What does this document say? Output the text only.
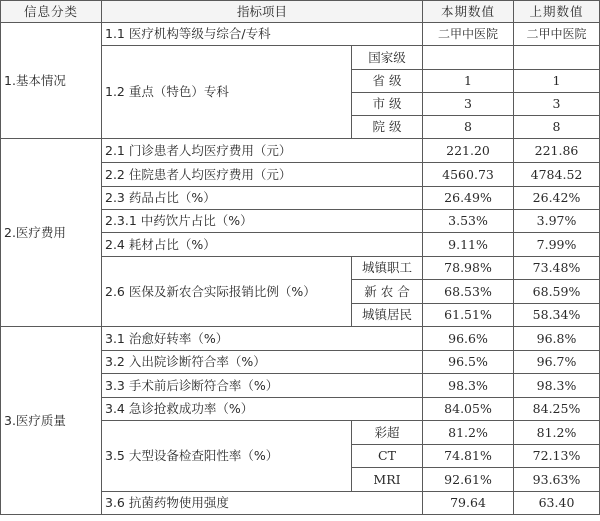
信息分类	指标项目		本期数值	上期数值
1.基本情况	1.1 医疗机构等级与综合/专科		二甲中医院	二甲中医院
	1.2 重点（特色）专科	国家级		
		省 级	1	1
		市 级	3	3
		院 级	8	8
2.医疗费用	2.1 门诊患者人均医疗费用（元）		221.20	221.86
	2.2 住院患者人均医疗费用（元）		4560.73	4784.52
	2.3 药品占比（%）		26.49%	26.42%
	2.3.1 中药饮片占比（%）		3.53%	3.97%
	2.4 耗材占比（%）		9.11%	7.99%
	2.6 医保及新农合实际报销比例（%）	城镇职工	78.98%	73.48%
		新 农 合	68.53%	68.59%
		城镇居民	61.51%	58.34%
3.医疗质量	3.1 治愈好转率（%）		96.6%	96.8%
	3.2 入出院诊断符合率（%）		96.5%	96.7%
	3.3 手术前后诊断符合率（%）		98.3%	98.3%
	3.4 急诊抢救成功率（%）		84.05%	84.25%
	3.5 大型设备检查阳性率（%）	彩超	81.2%	81.2%
		CT	74.81%	72.13%
		MRI	92.61%	93.63%
	3.6 抗菌药物使用强度		79.64	63.40
